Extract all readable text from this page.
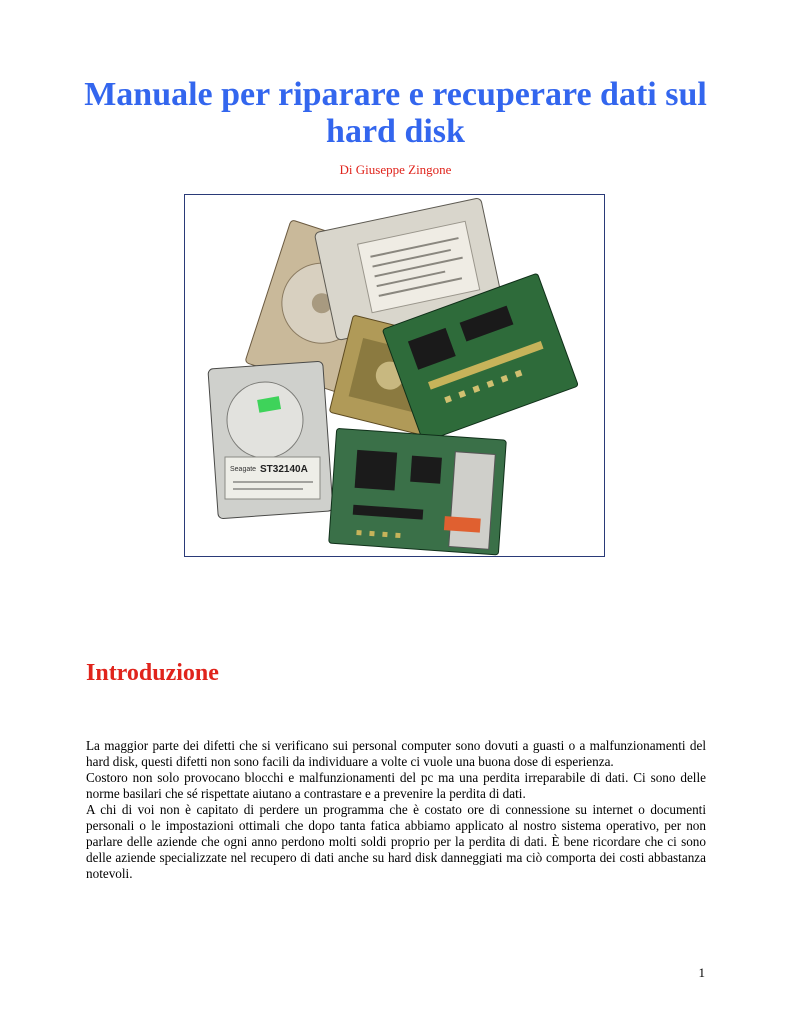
Manuale per riparare e recuperare dati sul
hard disk
Di Giuseppe Zingone
Seagate ST32140A
Introduzione

La maggior parte dei difetti che si verificano sui personal computer sono dovuti a guasti o a malfunzionamenti del hard disk, questi difetti non sono facili da individuare a volte ci vuole una buona dose di esperienza.

Costoro non solo provocano blocchi e malfunzionamenti del pc ma una perdita irreparabile di dati. Ci sono delle norme basilari che sé rispettate aiutano a contrastare e a prevenire la perdita di dati.

A chi di voi non è capitato di perdere un programma che è costato ore di connessione su internet o documenti personali o le impostazioni ottimali che dopo tanta fatica abbiamo applicato al nostro sistema operativo, per non parlare delle aziende che ogni anno perdono molti soldi proprio per la perdita di dati. È bene ricordare che ci sono delle aziende specializzate nel recupero di dati anche su hard disk danneggiati ma ciò comporta dei costi abbastanza notevoli.

1
